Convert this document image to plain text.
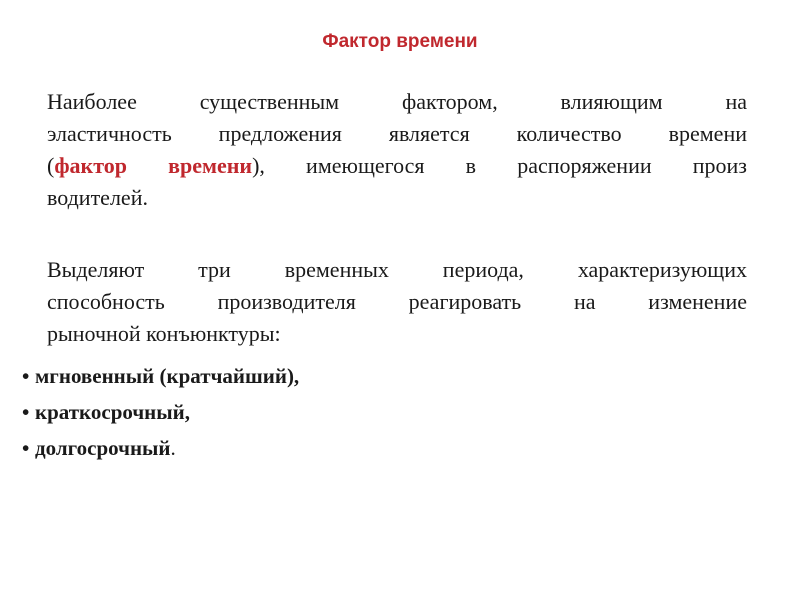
Фактор времени
Наиболее существенным фактором, влияющим на
эластичность предложения является количество времени
(фактор времени), имеющегося в распоряжении произ
водителей.
Выделяют три временных периода, характеризующих
способность производителя реагировать на изменение
рыночной конъюнктуры:
• мгновенный (кратчайший),
• краткосрочный,
• долгосрочный.
